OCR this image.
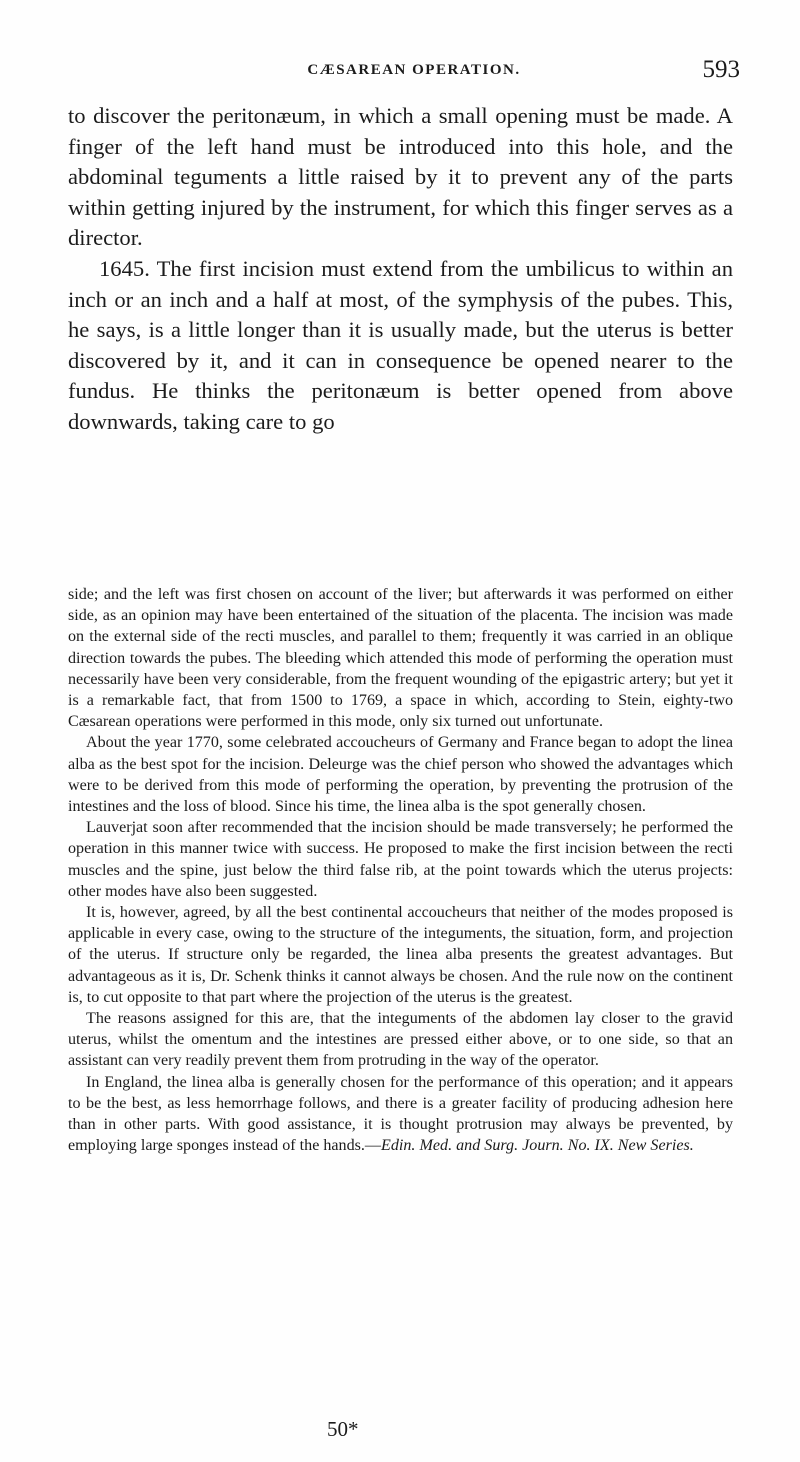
CÆSAREAN OPERATION.	593

to discover the peritonæum, in which a small opening must be made. A finger of the left hand must be introduced into this hole, and the abdominal teguments a little raised by it to prevent any of the parts within getting injured by the instrument, for which this finger serves as a director.

1645. The first incision must extend from the umbilicus to within an inch or an inch and a half at most, of the symphysis of the pubes. This, he says, is a little longer than it is usually made, but the uterus is better discovered by it, and it can in consequence be opened nearer to the fundus. He thinks the peritonæum is better opened from above downwards, taking care to go

side; and the left was first chosen on account of the liver; but afterwards it was performed on either side, as an opinion may have been entertained of the situation of the placenta. The incision was made on the external side of the recti muscles, and parallel to them; frequently it was carried in an oblique direction towards the pubes. The bleeding which attended this mode of performing the operation must necessarily have been very considerable, from the frequent wounding of the epigastric artery; but yet it is a remarkable fact, that from 1500 to 1769, a space in which, according to Stein, eighty-two Cæsarean operations were performed in this mode, only six turned out unfortunate.

About the year 1770, some celebrated accoucheurs of Germany and France began to adopt the linea alba as the best spot for the incision. Deleurge was the chief person who showed the advantages which were to be derived from this mode of performing the operation, by preventing the protrusion of the intestines and the loss of blood. Since his time, the linea alba is the spot generally chosen.

Lauverjat soon after recommended that the incision should be made transversely; he performed the operation in this manner twice with success. He proposed to make the first incision between the recti muscles and the spine, just below the third false rib, at the point towards which the uterus projects: other modes have also been suggested.

It is, however, agreed, by all the best continental accoucheurs that neither of the modes proposed is applicable in every case, owing to the structure of the integuments, the situation, form, and projection of the uterus. If structure only be regarded, the linea alba presents the greatest advantages. But advantageous as it is, Dr. Schenk thinks it cannot always be chosen. And the rule now on the continent is, to cut opposite to that part where the projection of the uterus is the greatest.

The reasons assigned for this are, that the integuments of the abdomen lay closer to the gravid uterus, whilst the omentum and the intestines are pressed either above, or to one side, so that an assistant can very readily prevent them from protruding in the way of the operator.

In England, the linea alba is generally chosen for the performance of this operation; and it appears to be the best, as less hemorrhage follows, and there is a greater facility of producing adhesion here than in other parts. With good assistance, it is thought protrusion may always be prevented, by employing large sponges instead of the hands.—Edin. Med. and Surg. Journ. No. IX. New Series.

50*
